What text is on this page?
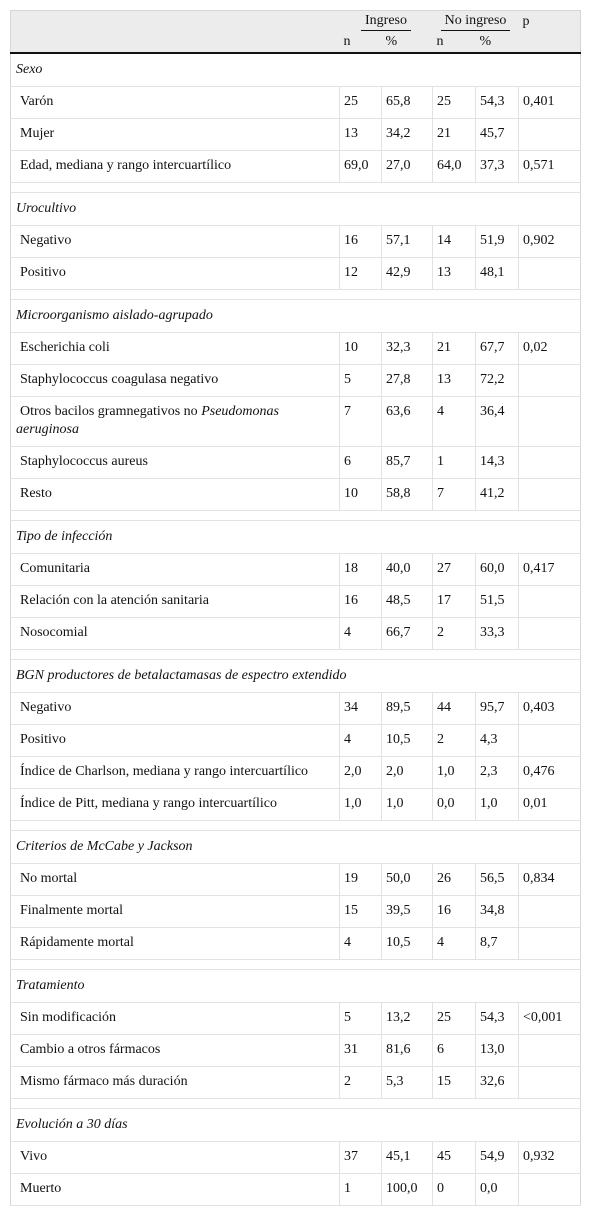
	Ingreso		No ingreso		p
	n	%	n	%	
Sexo					
Varón	25	65,8	25	54,3	0,401
Mujer	13	34,2	21	45,7	
Edad, mediana y rango intercuartílico	69,0	27,0	64,0	37,3	0,571

Urocultivo					
Negativo	16	57,1	14	51,9	0,902
Positivo	12	42,9	13	48,1	

Microorganismo aislado-agrupado					
Escherichia coli	10	32,3	21	67,7	0,02
Staphylococcus coagulasa negativo	5	27,8	13	72,2	
Otros bacilos gramnegativos no Pseudomonas aeruginosa	7	63,6	4	36,4	
Staphylococcus aureus	6	85,7	1	14,3	
Resto	10	58,8	7	41,2	

Tipo de infección					
Comunitaria	18	40,0	27	60,0	0,417
Relación con la atención sanitaria	16	48,5	17	51,5	
Nosocomial	4	66,7	2	33,3	

BGN productores de betalactamasas de espectro extendido					
Negativo	34	89,5	44	95,7	0,403
Positivo	4	10,5	2	4,3	
Índice de Charlson, mediana y rango intercuartílico	2,0	2,0	1,0	2,3	0,476
Índice de Pitt, mediana y rango intercuartílico	1,0	1,0	0,0	1,0	0,01

Criterios de McCabe y Jackson					
No mortal	19	50,0	26	56,5	0,834
Finalmente mortal	15	39,5	16	34,8	
Rápidamente mortal	4	10,5	4	8,7	

Tratamiento					
Sin modificación	5	13,2	25	54,3	<0,001
Cambio a otros fármacos	31	81,6	6	13,0	
Mismo fármaco más duración	2	5,3	15	32,6	

Evolución a 30 días					
Vivo	37	45,1	45	54,9	0,932
Muerto	1	100,0	0	0,0	
